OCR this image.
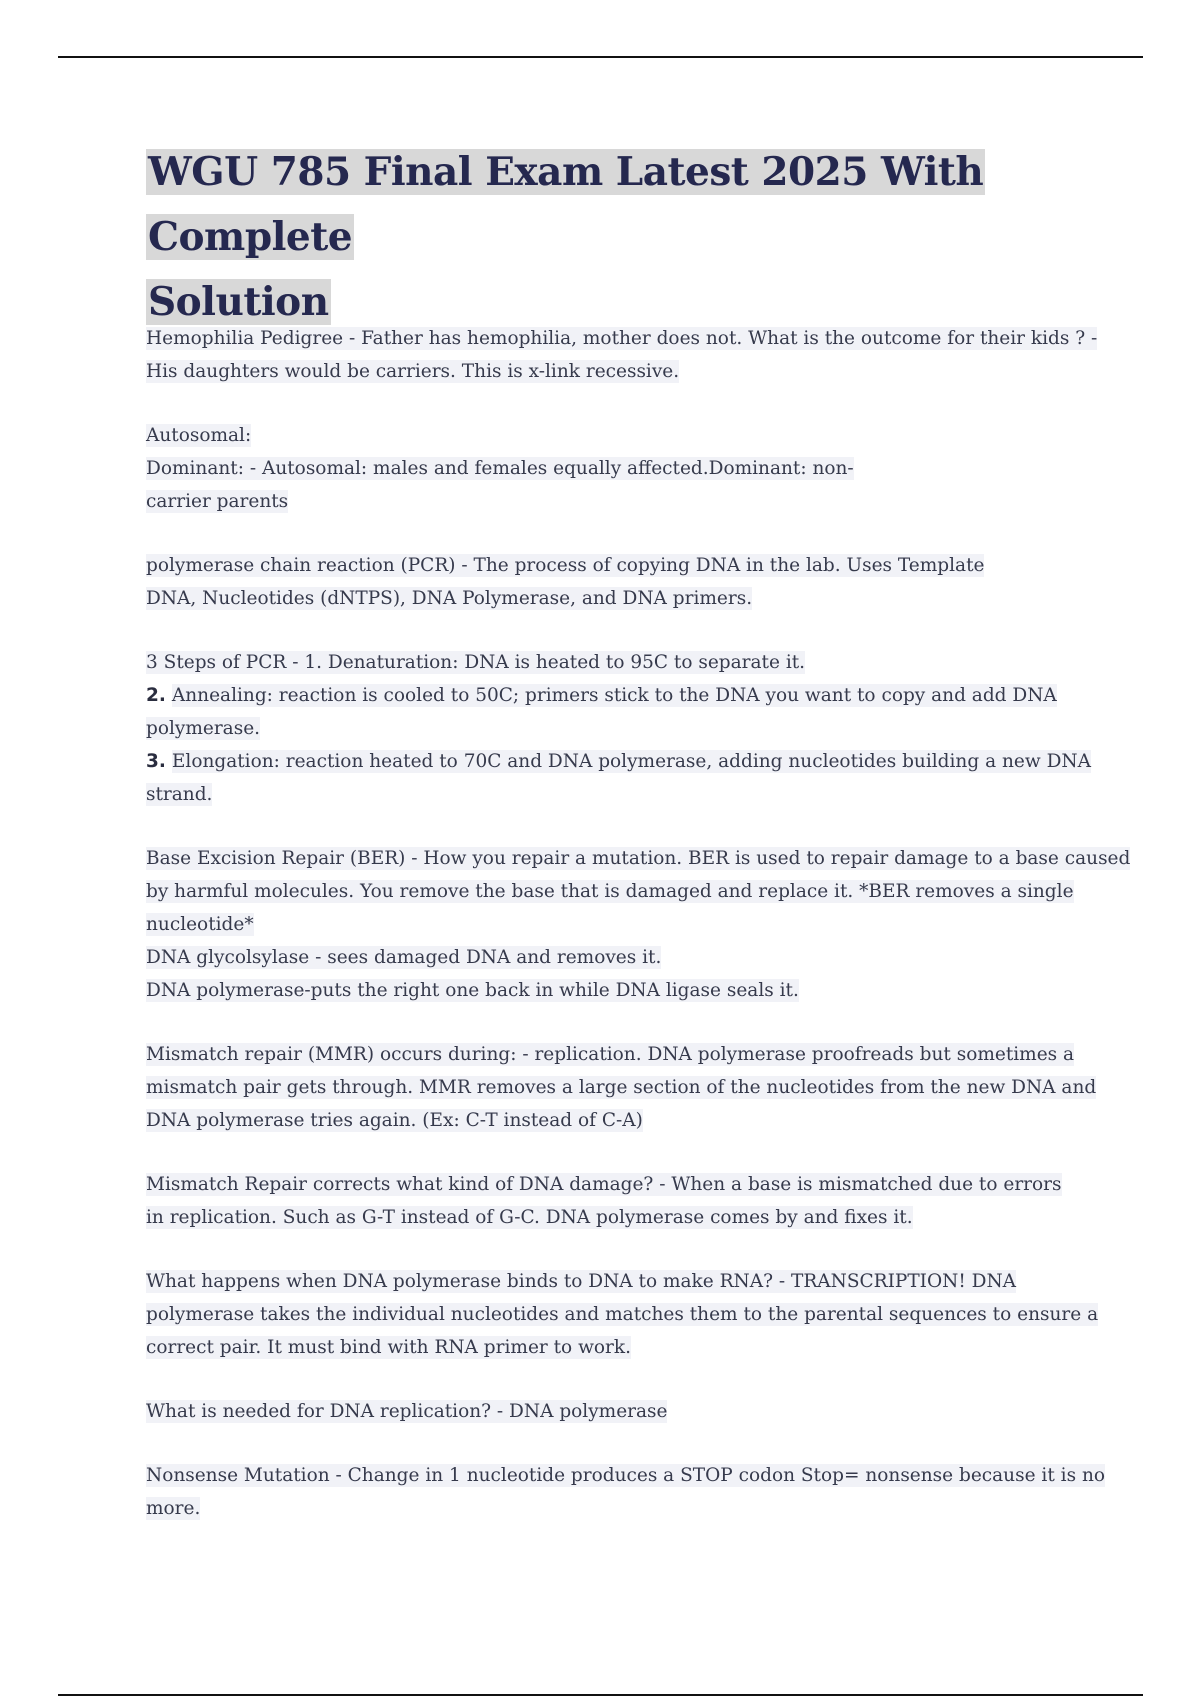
WGU 785 Final Exam Latest 2025 With Complete
Solution
Hemophilia Pedigree - Father has hemophilia, mother does not. What is the outcome for their kids ? -
His daughters would be carriers. This is x-link recessive.
Autosomal:
Dominant: - Autosomal: males and females equally affected.Dominant: non-
carrier parents
polymerase chain reaction (PCR) - The process of copying DNA in the lab. Uses Template
DNA, Nucleotides (dNTPS), DNA Polymerase, and DNA primers.
3 Steps of PCR - 1. Denaturation: DNA is heated to 95C to separate it.
2. Annealing: reaction is cooled to 50C; primers stick to the DNA you want to copy and add DNA
polymerase.
3. Elongation: reaction heated to 70C and DNA polymerase, adding nucleotides building a new DNA
strand.
Base Excision Repair (BER) - How you repair a mutation. BER is used to repair damage to a base caused
by harmful molecules. You remove the base that is damaged and replace it. *BER removes a single
nucleotide*
DNA glycolsylase - sees damaged DNA and removes it.
DNA polymerase-puts the right one back in while DNA ligase seals it.
Mismatch repair (MMR) occurs during: - replication. DNA polymerase proofreads but sometimes a
mismatch pair gets through. MMR removes a large section of the nucleotides from the new DNA and
DNA polymerase tries again. (Ex: C-T instead of C-A)
Mismatch Repair corrects what kind of DNA damage? - When a base is mismatched due to errors
in replication. Such as G-T instead of G-C. DNA polymerase comes by and fixes it.
What happens when DNA polymerase binds to DNA to make RNA? - TRANSCRIPTION! DNA
polymerase takes the individual nucleotides and matches them to the parental sequences to ensure a
correct pair. It must bind with RNA primer to work.
What is needed for DNA replication? - DNA polymerase
Nonsense Mutation - Change in 1 nucleotide produces a STOP codon Stop= nonsense because it is no
more.
